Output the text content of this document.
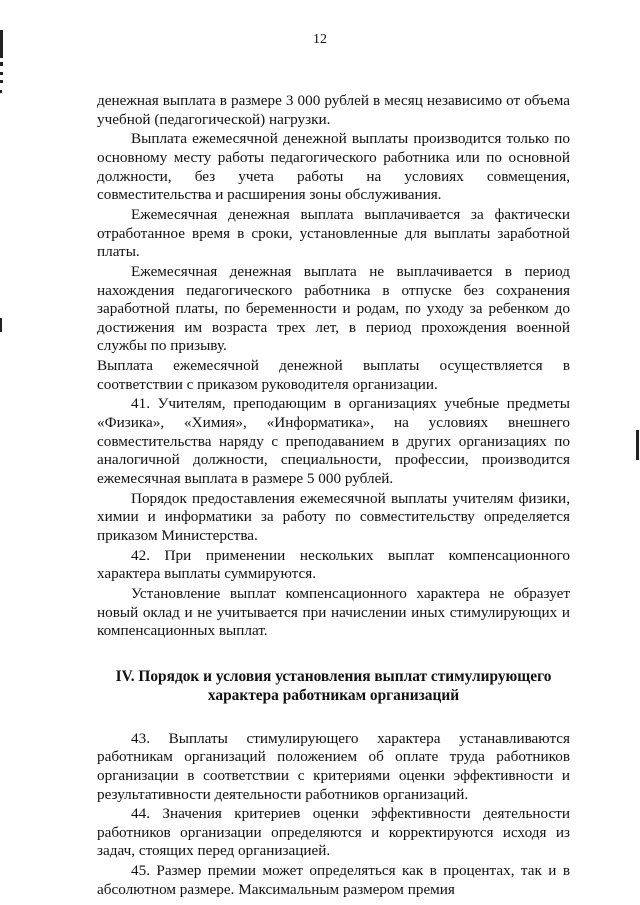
12

денежная выплата в размере 3 000 рублей в месяц независимо от объема учебной (педагогической) нагрузки.

Выплата ежемесячной денежной выплаты производится только по основному месту работы педагогического работника или по основной должности, без учета работы на условиях совмещения, совместительства и расширения зоны обслуживания.

Ежемесячная денежная выплата выплачивается за фактически отработанное время в сроки, установленные для выплаты заработной платы.

Ежемесячная денежная выплата не выплачивается в период нахождения педагогического работника в отпуске без сохранения заработной платы, по беременности и родам, по уходу за ребенком до достижения им возраста трех лет, в период прохождения военной службы по призыву.

Выплата ежемесячной денежной выплаты осуществляется в соответствии с приказом руководителя организации.

41. Учителям, преподающим в организациях учебные предметы «Физика», «Химия», «Информатика», на условиях внешнего совместительства наряду с преподаванием в других организациях по аналогичной должности, специальности, профессии, производится ежемесячная выплата в размере 5 000 рублей.

Порядок предоставления ежемесячной выплаты учителям физики, химии и информатики за работу по совместительству определяется приказом Министерства.

42. При применении нескольких выплат компенсационного характера выплаты суммируются.

Установление выплат компенсационного характера не образует новый оклад и не учитывается при начислении иных стимулирующих и компенсационных выплат.

IV. Порядок и условия установления выплат стимулирующего
характера работникам организаций

43. Выплаты стимулирующего характера устанавливаются работникам организаций положением об оплате труда работников организации в соответствии с критериями оценки эффективности и результативности деятельности работников организаций.

44. Значения критериев оценки эффективности деятельности работников организации определяются и корректируются исходя из задач, стоящих перед организацией.

45. Размер премии может определяться как в процентах, так и в абсолютном размере. Максимальным размером премия
